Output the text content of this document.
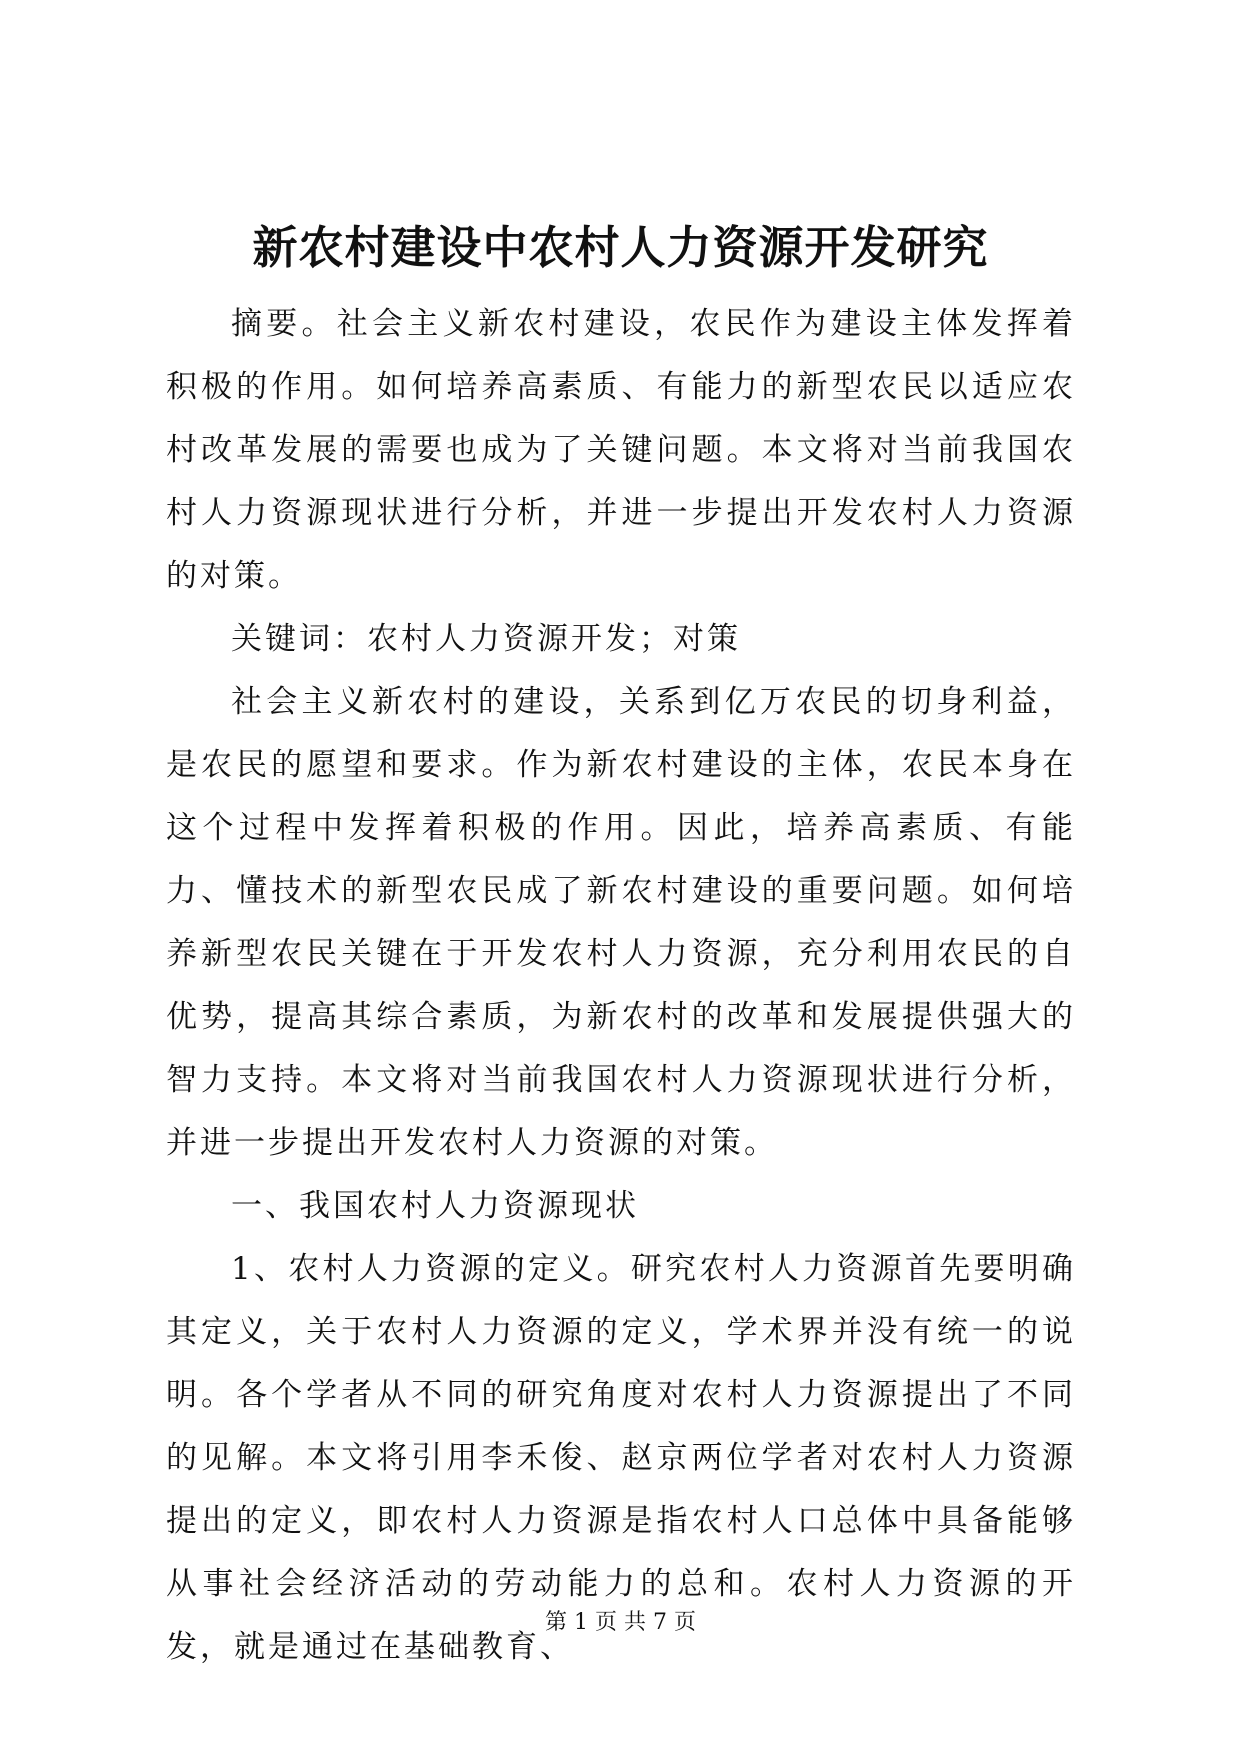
新农村建设中农村人力资源开发研究

摘要。社会主义新农村建设，农民作为建设主体发挥着积极的作用。如何培养高素质、有能力的新型农民以适应农村改革发展的需要也成为了关键问题。本文将对当前我国农村人力资源现状进行分析，并进一步提出开发农村人力资源的对策。

关键词：农村人力资源开发；对策

社会主义新农村的建设，关系到亿万农民的切身利益，是农民的愿望和要求。作为新农村建设的主体，农民本身在这个过程中发挥着积极的作用。因此，培养高素质、有能力、懂技术的新型农民成了新农村建设的重要问题。如何培养新型农民关键在于开发农村人力资源，充分利用农民的自优势，提高其综合素质，为新农村的改革和发展提供强大的智力支持。本文将对当前我国农村人力资源现状进行分析，并进一步提出开发农村人力资源的对策。

一、我国农村人力资源现状

1、农村人力资源的定义。研究农村人力资源首先要明确其定义，关于农村人力资源的定义，学术界并没有统一的说明。各个学者从不同的研究角度对农村人力资源提出了不同的见解。本文将引用李禾俊、赵京两位学者对农村人力资源提出的定义，即农村人力资源是指农村人口总体中具备能够从事社会经济活动的劳动能力的总和。农村人力资源的开发，就是通过在基础教育、

第 1 页 共 7 页
